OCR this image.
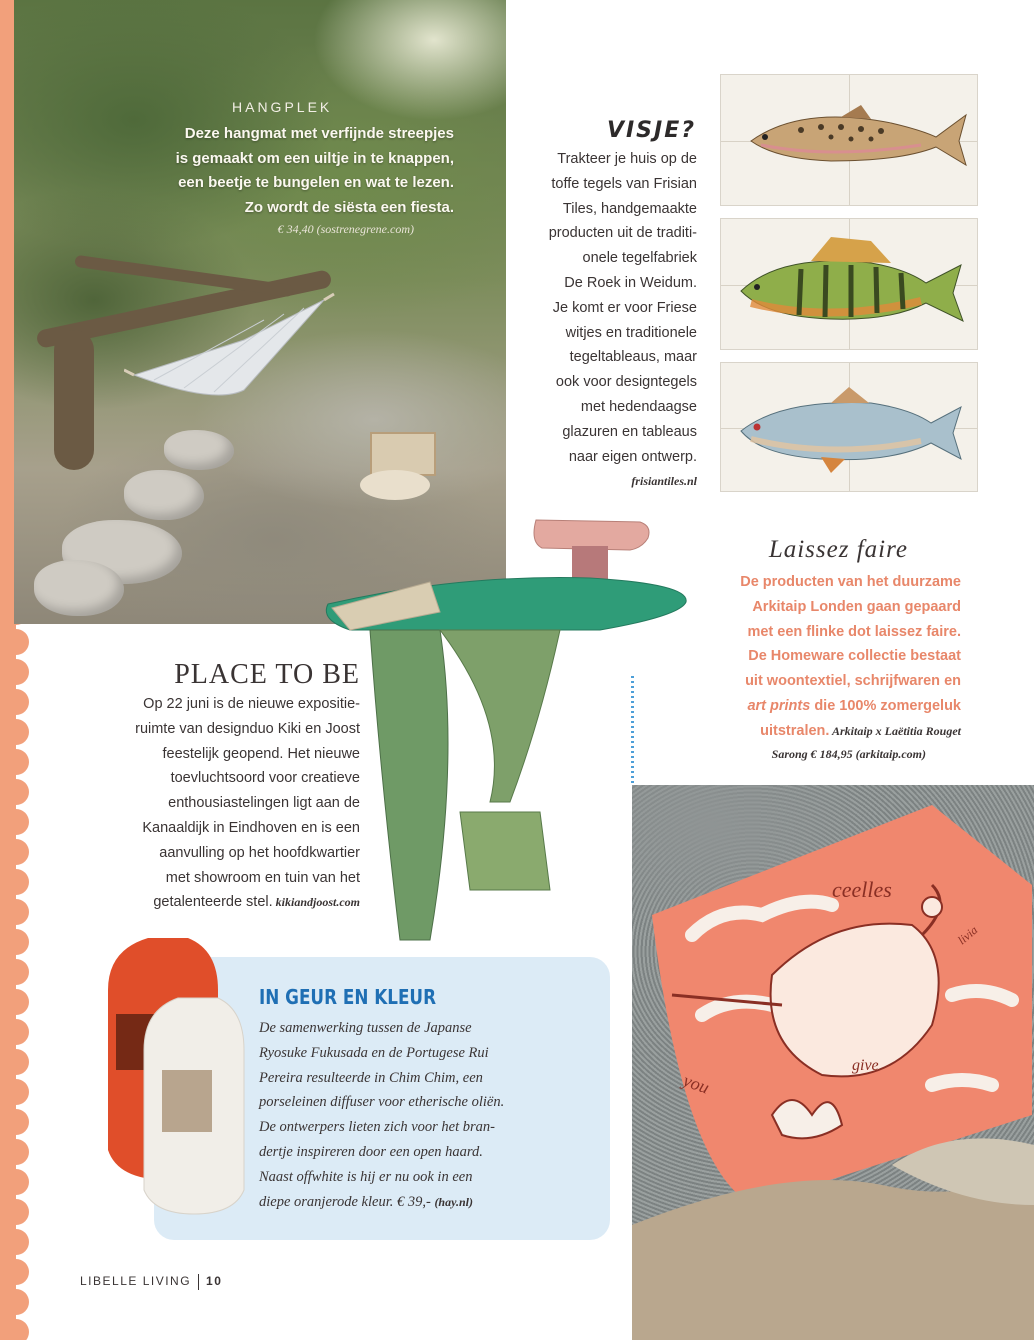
HANGPLEK
Deze hangmat met verfijnde streepjes
is gemaakt om een uiltje in te knappen,
een beetje te bungelen en wat te lezen.
Zo wordt de siësta een fiesta.
€ 34,40 (sostrenegrene.com)
VISJE?
Trakteer je huis op de
toffe tegels van Frisian
Tiles, handgemaakte
producten uit de traditi-
onele tegelfabriek
De Roek in Weidum.
Je komt er voor Friese
witjes en traditionele
tegeltableaus, maar
ook voor designtegels
met hedendaagse
glazuren en tableaus
naar eigen ontwerp.
frisiantiles.nl
Laissez faire
De producten van het duurzame
Arkitaip Londen gaan gepaard
met een flinke dot laissez faire.
De Homeware collectie bestaat
uit woontextiel, schrijfwaren en
art prints die 100% zomergeluk
uitstralen. Arkitaip x Laëtitia Rouget
Sarong € 184,95 (arkitaip.com)
PLACE TO BE
Op 22 juni is de nieuwe expositie-
ruimte van designduo Kiki en Joost
feestelijk geopend. Het nieuwe
toevluchtsoord voor creatieve
enthousiastelingen ligt aan de
Kanaaldijk in Eindhoven en is een
aanvulling op het hoofdkwartier
met showroom en tuin van het
getalenteerde stel. kikiandjoost.com
ceelles
you
give
livia
IN GEUR EN KLEUR
De samenwerking tussen de Japanse
Ryosuke Fukusada en de Portugese Rui
Pereira resulteerde in Chim Chim, een
porseleinen diffuser voor etherische oliën.
De ontwerpers lieten zich voor het bran-
dertje inspireren door een open haard.
Naast offwhite is hij er nu ook in een
diepe oranjerode kleur. € 39,- (hay.nl)
LIBELLE LIVING 10
